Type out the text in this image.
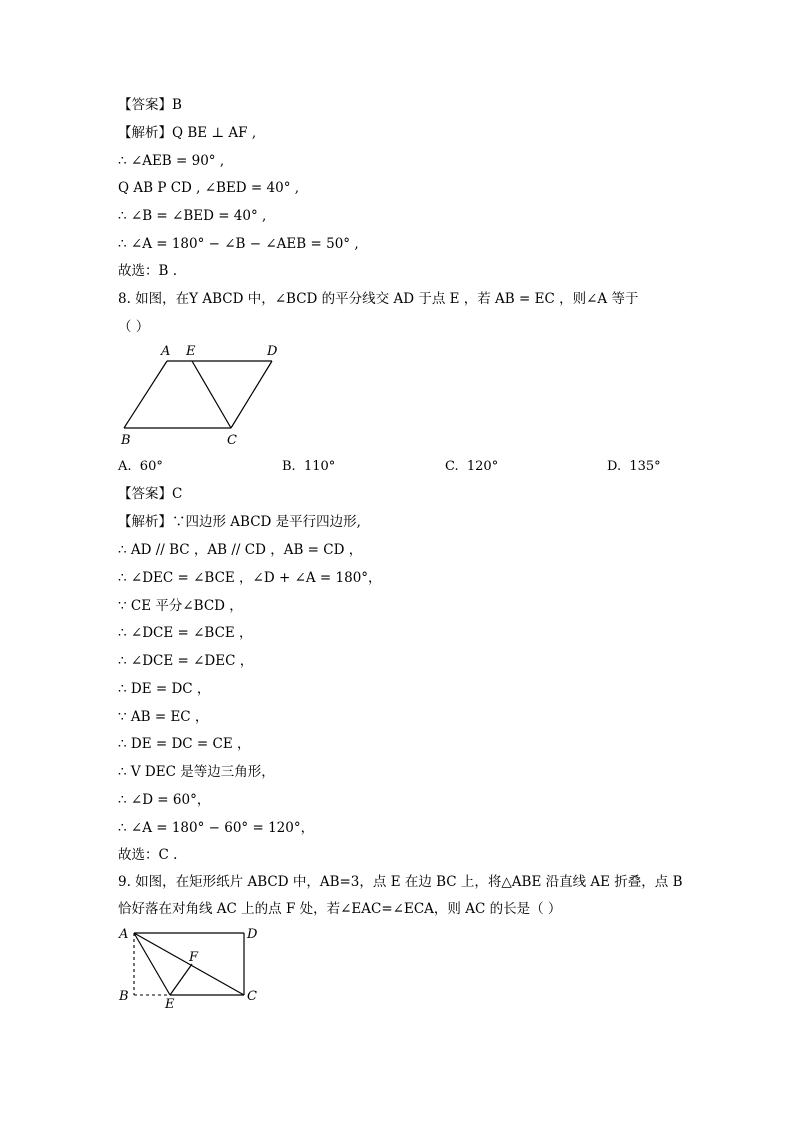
【答案】B
【解析】Q BE ⊥ AF ,
∴ ∠AEB = 90° ,
Q AB P CD , ∠BED = 40° ,
∴ ∠B = ∠BED = 40° ,
∴ ∠A = 180° − ∠B − ∠AEB = 50° ,
故选：B .
8. 如图，在Y ABCD 中，∠BCD 的平分线交 AD 于点 E ，若 AB = EC ，则∠A 等于
（ ）
A E	D
B	C
A. 60°	B. 110°	C. 120°	D. 135°
【答案】C
【解析】∵四边形 ABCD 是平行四边形,
∴ AD // BC ，AB // CD ，AB = CD ，
∴ ∠DEC = ∠BCE ，∠D + ∠A = 180°，
∵ CE 平分∠BCD ，
∴ ∠DCE = ∠BCE ，
∴ ∠DCE = ∠DEC ，
∴ DE = DC ，
∵ AB = EC ，
∴ DE = DC = CE ，
∴ V DEC 是等边三角形，
∴ ∠D = 60°，
∴ ∠A = 180° − 60° = 120°，
故选：C .
9. 如图，在矩形纸片 ABCD 中，AB=3，点 E 在边 BC 上，将△ABE 沿直线 AE 折叠，点 B
恰好落在对角线 AC 上的点 F 处，若∠EAC=∠ECA，则 AC 的长是（ ）
A	D
F
B
E
C
